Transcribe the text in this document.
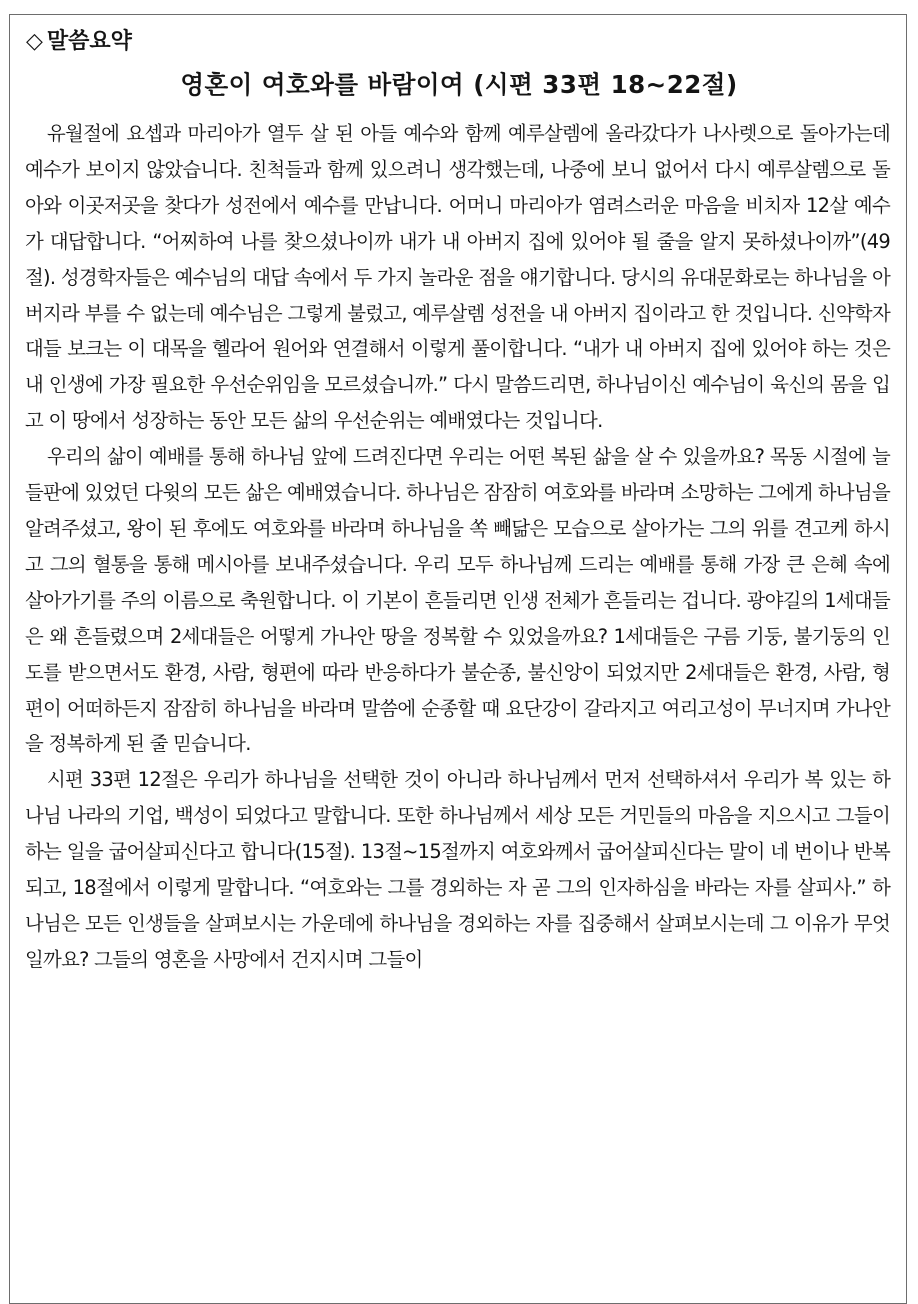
◇ 말씀요약
영혼이 여호와를 바람이여 (시편 33편 18~22절)

유월절에 요셉과 마리아가 열두 살 된 아들 예수와 함께 예루살렘에 올라갔다가 나사렛으로 돌아가는데 예수가 보이지 않았습니다. 친척들과 함께 있으려니 생각했는데, 나중에 보니 없어서 다시 예루살렘으로 돌아와 이곳저곳을 찾다가 성전에서 예수를 만납니다. 어머니 마리아가 염려스러운 마음을 비치자 12살 예수가 대답합니다. “어찌하여 나를 찾으셨나이까 내가 내 아버지 집에 있어야 될 줄을 알지 못하셨나이까”(49절). 성경학자들은 예수님의 대답 속에서 두 가지 놀라운 점을 얘기합니다. 당시의 유대문화로는 하나님을 아버지라 부를 수 없는데 예수님은 그렇게 불렀고, 예루살렘 성전을 내 아버지 집이라고 한 것입니다. 신약학자 대들 보크는 이 대목을 헬라어 원어와 연결해서 이렇게 풀이합니다. “내가 내 아버지 집에 있어야 하는 것은 내 인생에 가장 필요한 우선순위임을 모르셨습니까.” 다시 말씀드리면, 하나님이신 예수님이 육신의 몸을 입고 이 땅에서 성장하는 동안 모든 삶의 우선순위는 예배였다는 것입니다.

우리의 삶이 예배를 통해 하나님 앞에 드려진다면 우리는 어떤 복된 삶을 살 수 있을까요? 목동 시절에 늘 들판에 있었던 다윗의 모든 삶은 예배였습니다. 하나님은 잠잠히 여호와를 바라며 소망하는 그에게 하나님을 알려주셨고, 왕이 된 후에도 여호와를 바라며 하나님을 쏙 빼닮은 모습으로 살아가는 그의 위를 견고케 하시고 그의 혈통을 통해 메시아를 보내주셨습니다. 우리 모두 하나님께 드리는 예배를 통해 가장 큰 은혜 속에 살아가기를 주의 이름으로 축원합니다. 이 기본이 흔들리면 인생 전체가 흔들리는 겁니다. 광야길의 1세대들은 왜 흔들렸으며 2세대들은 어떻게 가나안 땅을 정복할 수 있었을까요? 1세대들은 구름 기둥, 불기둥의 인도를 받으면서도 환경, 사람, 형편에 따라 반응하다가 불순종, 불신앙이 되었지만 2세대들은 환경, 사람, 형편이 어떠하든지 잠잠히 하나님을 바라며 말씀에 순종할 때 요단강이 갈라지고 여리고성이 무너지며 가나안을 정복하게 된 줄 믿습니다.

시편 33편 12절은 우리가 하나님을 선택한 것이 아니라 하나님께서 먼저 선택하셔서 우리가 복 있는 하나님 나라의 기업, 백성이 되었다고 말합니다. 또한 하나님께서 세상 모든 거민들의 마음을 지으시고 그들이 하는 일을 굽어살피신다고 합니다(15절). 13절~15절까지 여호와께서 굽어살피신다는 말이 네 번이나 반복되고, 18절에서 이렇게 말합니다. “여호와는 그를 경외하는 자 곧 그의 인자하심을 바라는 자를 살피사.” 하나님은 모든 인생들을 살펴보시는 가운데에 하나님을 경외하는 자를 집중해서 살펴보시는데 그 이유가 무엇일까요? 그들의 영혼을 사망에서 건지시며 그들이
